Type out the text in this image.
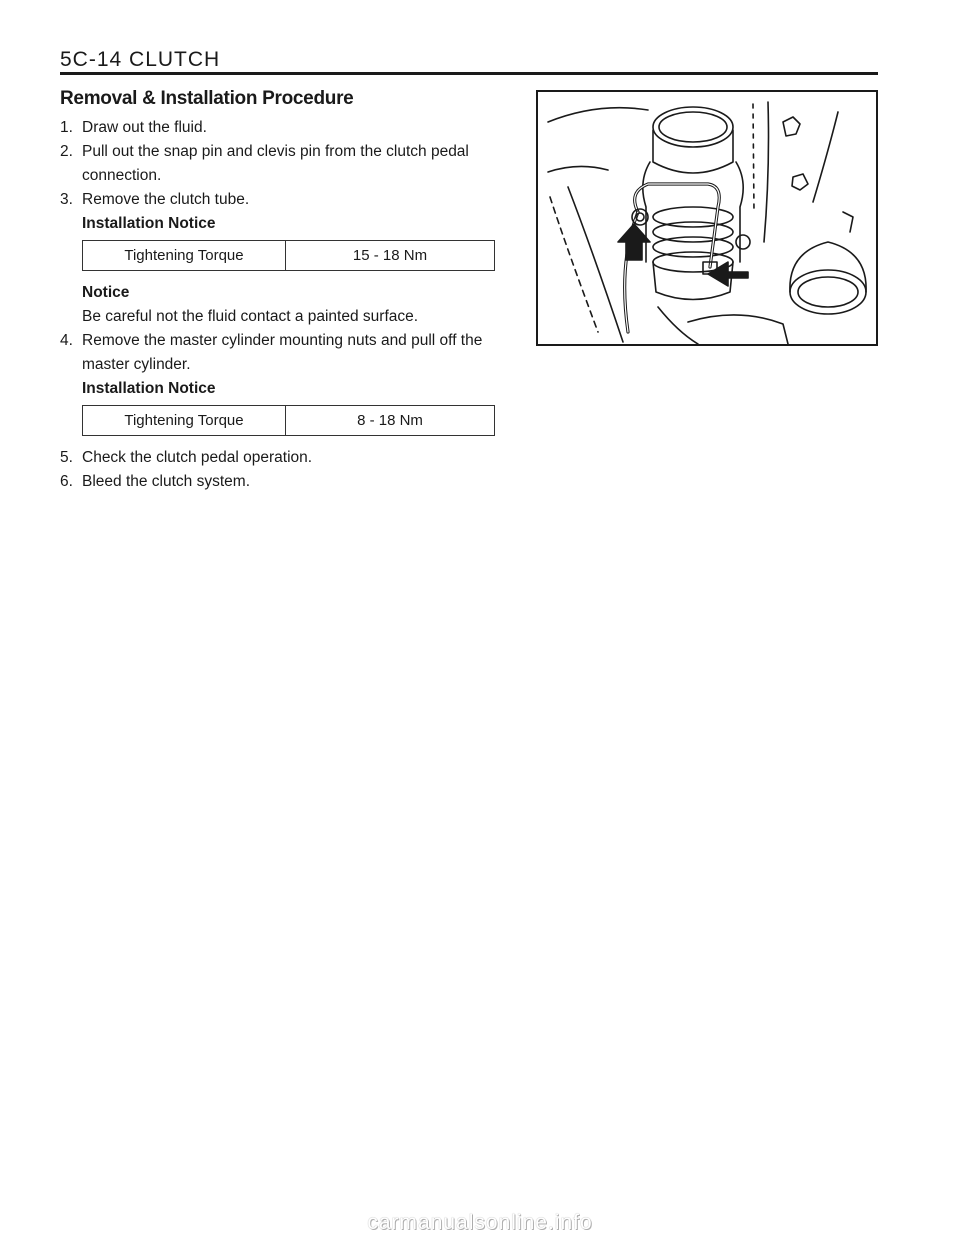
5C-14 CLUTCH
Removal & Installation Procedure
1. Draw out the fluid.
2. Pull out the snap pin and clevis pin from the clutch pedal
connection.
3. Remove the clutch tube.
Installation Notice
Tightening Torque	15 - 18 Nm
Notice
Be careful not the fluid contact a painted surface.
4. Remove the master cylinder mounting nuts and pull off the
master cylinder.
Installation Notice
Tightening Torque	8 - 18 Nm
5. Check the clutch pedal operation.
6. Bleed the clutch system.
carmanualsonline.info
